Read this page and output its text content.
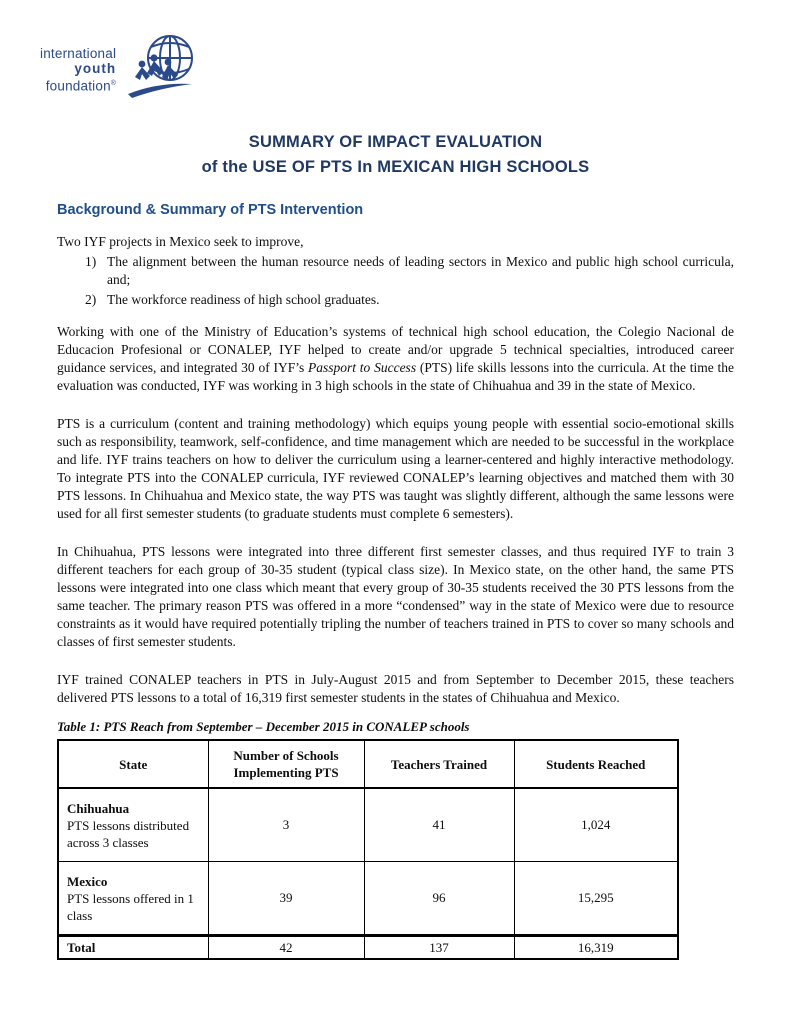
international
youth
foundation®
SUMMARY OF IMPACT EVALUATION
of the USE OF PTS In MEXICAN HIGH SCHOOLS
Background & Summary of PTS Intervention

Two IYF projects in Mexico seek to improve,

1) The alignment between the human resource needs of leading sectors in Mexico and public high school curricula, and;
2) The workforce readiness of high school graduates.

Working with one of the Ministry of Education’s systems of technical high school education, the Colegio Nacional de Educacion Profesional or CONALEP, IYF helped to create and/or upgrade 5 technical specialties, introduced career guidance services, and integrated 30 of IYF’s Passport to Success (PTS) life skills lessons into the curricula. At the time the evaluation was conducted, IYF was working in 3 high schools in the state of Chihuahua and 39 in the state of Mexico.

PTS is a curriculum (content and training methodology) which equips young people with essential socio-emotional skills such as responsibility, teamwork, self-confidence, and time management which are needed to be successful in the workplace and life. IYF trains teachers on how to deliver the curriculum using a learner-centered and highly interactive methodology. To integrate PTS into the CONALEP curricula, IYF reviewed CONALEP’s learning objectives and matched them with 30 PTS lessons. In Chihuahua and Mexico state, the way PTS was taught was slightly different, although the same lessons were used for all first semester students (to graduate students must complete 6 semesters).

In Chihuahua, PTS lessons were integrated into three different first semester classes, and thus required IYF to train 3 different teachers for each group of 30-35 student (typical class size). In Mexico state, on the other hand, the same PTS lessons were integrated into one class which meant that every group of 30-35 students received the 30 PTS lessons from the same teacher. The primary reason PTS was offered in a more “condensed” way in the state of Mexico were due to resource constraints as it would have required potentially tripling the number of teachers trained in PTS to cover so many schools and classes of first semester students.

IYF trained CONALEP teachers in PTS in July-August 2015 and from September to December 2015, these teachers delivered PTS lessons to a total of 16,319 first semester students in the states of Chihuahua and Mexico.

Table 1: PTS Reach from September – December 2015 in CONALEP schools
State	Number of Schools Implementing PTS	Teachers Trained	Students Reached

Chihuahua
PTS lessons distributed across 3 classes	3	41	1,024

Mexico
PTS lessons offered in 1 class	39	96	15,295
Total	42	137	16,319
